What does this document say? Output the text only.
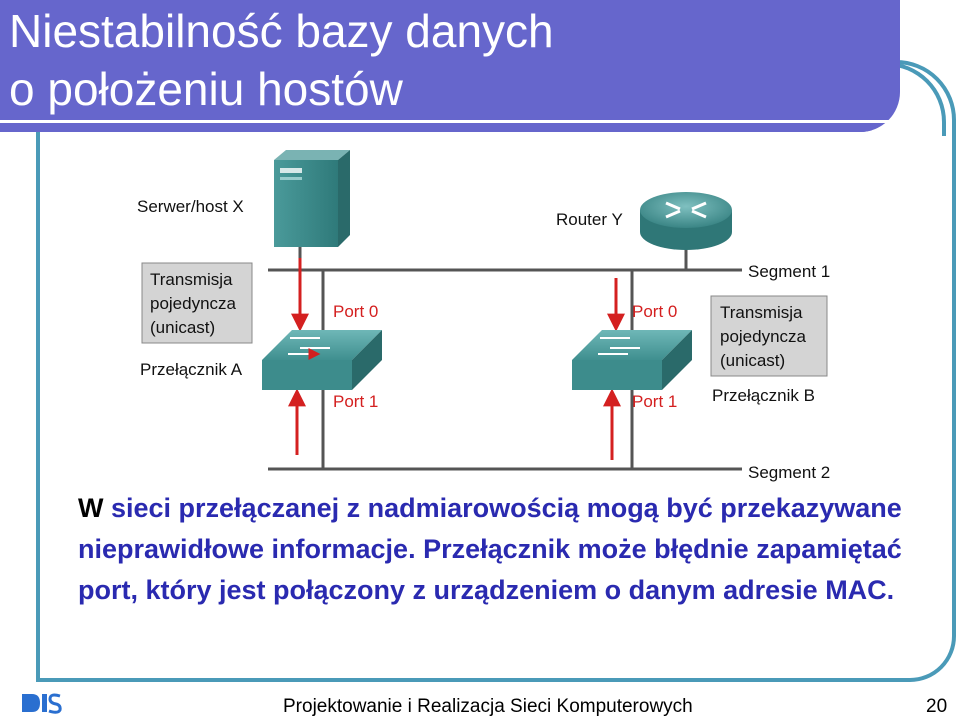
Niestabilność bazy danych
o położeniu hostów
Serwer/host X
Router Y
Segment 1
Segment 2
Przełącznik A
Przełącznik B
Transmisja
pojedyncza
(unicast)
Transmisja
pojedyncza
(unicast)
Port 0
Port 1
Port 0
Port 1
W sieci przełączanej z nadmiarowością mogą być przekazywane nieprawidłowe informacje. Przełącznik może błędnie zapamiętać port, który jest połączony z urządzeniem o danym adresie MAC.
Projektowanie i Realizacja Sieci Komputerowych	20
